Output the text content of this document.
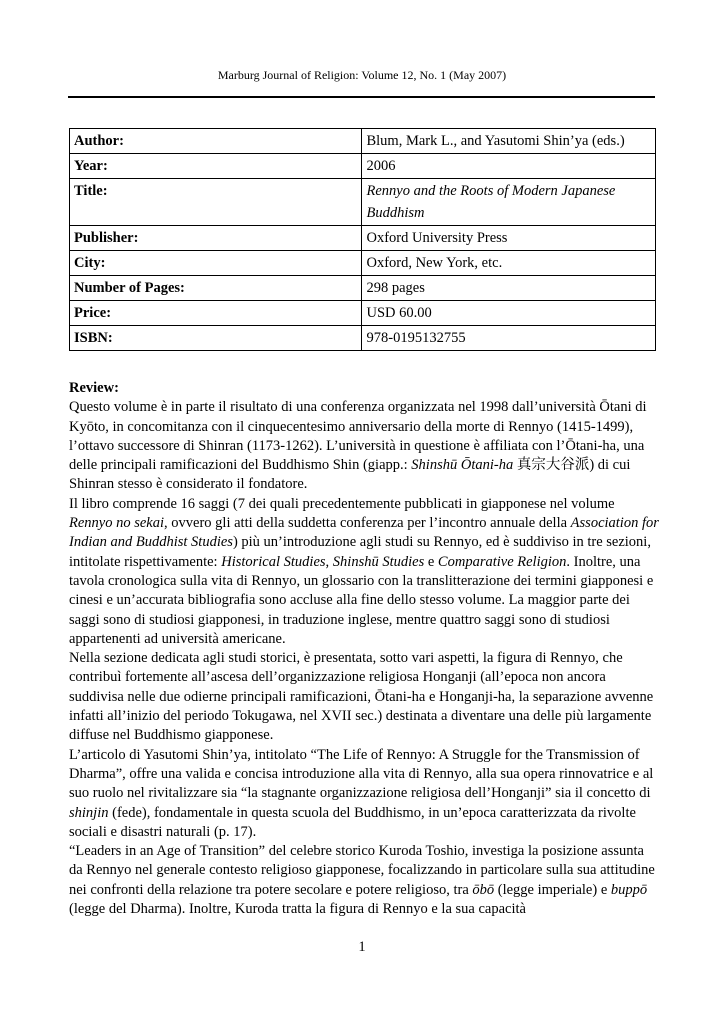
Marburg Journal of Religion: Volume 12, No. 1 (May 2007)
Author:	Blum, Mark L., and Yasutomi Shin’ya (eds.)
Year:	2006
Title:	Rennyo and the Roots of Modern Japanese Buddhism
Publisher:	Oxford University Press
City:	Oxford, New York, etc.
Number of Pages:	298 pages
Price:	USD 60.00
ISBN:	978-0195132755
Review:

Questo volume è in parte il risultato di una conferenza organizzata nel 1998 dall’università Ōtani di Kyōto, in concomitanza con il cinquecentesimo anniversario della morte di Rennyo (1415-1499), l’ottavo successore di Shinran (1173-1262). L’università in questione è affiliata con l’Ōtani-ha, una delle principali ramificazioni del Buddhismo Shin (giapp.: Shinshū Ōtani-ha 真宗大谷派) di cui Shinran stesso è considerato il fondatore.

Il libro comprende 16 saggi (7 dei quali precedentemente pubblicati in giapponese nel volume Rennyo no sekai, ovvero gli atti della suddetta conferenza per l’incontro annuale della Association for Indian and Buddhist Studies) più un’introduzione agli studi su Rennyo, ed è suddiviso in tre sezioni, intitolate rispettivamente: Historical Studies, Shinshū Studies e Comparative Religion. Inoltre, una tavola cronologica sulla vita di Rennyo, un glossario con la translitterazione dei termini giapponesi e cinesi e un’accurata bibliografia sono accluse alla fine dello stesso volume. La maggior parte dei saggi sono di studiosi giapponesi, in traduzione inglese, mentre quattro saggi sono di studiosi appartenenti ad università americane.

Nella sezione dedicata agli studi storici, è presentata, sotto vari aspetti, la figura di Rennyo, che contribuì fortemente all’ascesa dell’organizzazione religiosa Honganji (all’epoca non ancora suddivisa nelle due odierne principali ramificazioni, Ōtani-ha e Honganji-ha, la separazione avvenne infatti all’inizio del periodo Tokugawa, nel XVII sec.) destinata a diventare una delle più largamente diffuse nel Buddhismo giapponese.

L’articolo di Yasutomi Shin’ya, intitolato “The Life of Rennyo: A Struggle for the Transmission of Dharma”, offre una valida e concisa introduzione alla vita di Rennyo, alla sua opera rinnovatrice e al suo ruolo nel rivitalizzare sia “la stagnante organizzazione religiosa dell’Honganji” sia il concetto di shinjin (fede), fondamentale in questa scuola del Buddhismo, in un’epoca caratterizzata da rivolte sociali e disastri naturali (p. 17).

“Leaders in an Age of Transition” del celebre storico Kuroda Toshio, investiga la posizione assunta da Rennyo nel generale contesto religioso giapponese, focalizzando in particolare sulla sua attitudine nei confronti della relazione tra potere secolare e potere religioso, tra ōbō (legge imperiale) e buppō (legge del Dharma). Inoltre, Kuroda tratta la figura di Rennyo e la sua capacità

1
